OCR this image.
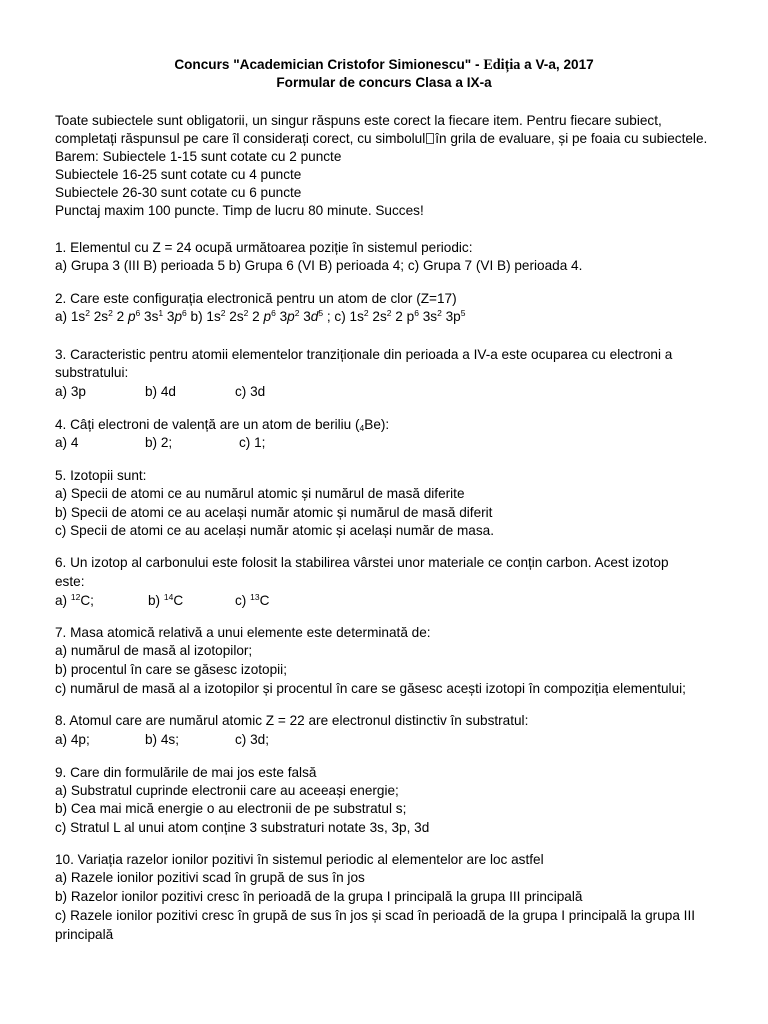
Concurs "Academician Cristofor Simionescu" - Ediția a V-a, 2017
Formular de concurs Clasa a IX-a
Toate subiectele sunt obligatorii, un singur răspuns este corect la fiecare item. Pentru fiecare subiect,
completați răspunsul pe care îl considerați corect, cu simbolul în grila de evaluare, și pe foaia cu subiectele.
Barem: Subiectele 1-15 sunt cotate cu 2 puncte
Subiectele 16-25 sunt cotate cu 4 puncte
Subiectele 26-30 sunt cotate cu 6 puncte
Punctaj maxim 100 puncte. Timp de lucru 80 minute. Succes!
1. Elementul cu Z = 24 ocupă următoarea poziție în sistemul periodic:
a) Grupa 3 (III B) perioada 5 b) Grupa 6 (VI B) perioada 4; c) Grupa 7 (VI B) perioada 4.
2. Care este configurația electronică pentru un atom de clor (Z=17)
a) $1s^2$ $2s^2$ 2 $p^6$ $3s^1$ $3p^6$ b) $1s^2$ $2s^2$ 2 $p^6$ $3p^2$ $3d^5$ ; c) $1s^2$ $2s^2$ 2 $p^6$ $3s^2$ $3p^5$
3. Caracteristic pentru atomii elementelor tranziționale din perioada a IV-a este ocuparea cu electroni a
substratului:
a) 3p	b) 4d	c) 3d
4. Câți electroni de valență are un atom de beriliu $(_4Be)$:
a) 4	b) 2;	c) 1;
5. Izotopii sunt:
a) Specii de atomi ce au numărul atomic și numărul de masă diferite
b) Specii de atomi ce au același număr atomic și numărul de masă diferit
c) Specii de atomi ce au același număr atomic și același număr de masa.
6. Un izotop al carbonului este folosit la stabilirea vârstei unor materiale ce conțin carbon. Acest izotop
este:
a) $^{12}$C;	b) $^{14}$C	c) $^{13}$C
7. Masa atomică relativă a unui elemente este determinată de:
a) numărul de masă al izotopilor;
b) procentul în care se găsesc izotopii;
c) numărul de masă al a izotopilor și procentul în care se găsesc acești izotopi în compoziția elementului;
8. Atomul care are numărul atomic Z = 22 are electronul distinctiv în substratul:
a) 4p;	b) 4s;	c) 3d;
9. Care din formulările de mai jos este falsă
a) Substratul cuprinde electronii care au aceeași energie;
b) Cea mai mică energie o au electronii de pe substratul s;
c) Stratul L al unui atom conține 3 substraturi notate 3s, 3p, 3d
10. Variația razelor ionilor pozitivi în sistemul periodic al elementelor are loc astfel
a) Razele ionilor pozitivi scad în grupă de sus în jos
b) Razelor ionilor pozitivi cresc în perioadă de la grupa I principală la grupa III principală
c) Razele ionilor pozitivi cresc în grupă de sus în jos și scad în perioadă de la grupa I principală la grupa III
principală
